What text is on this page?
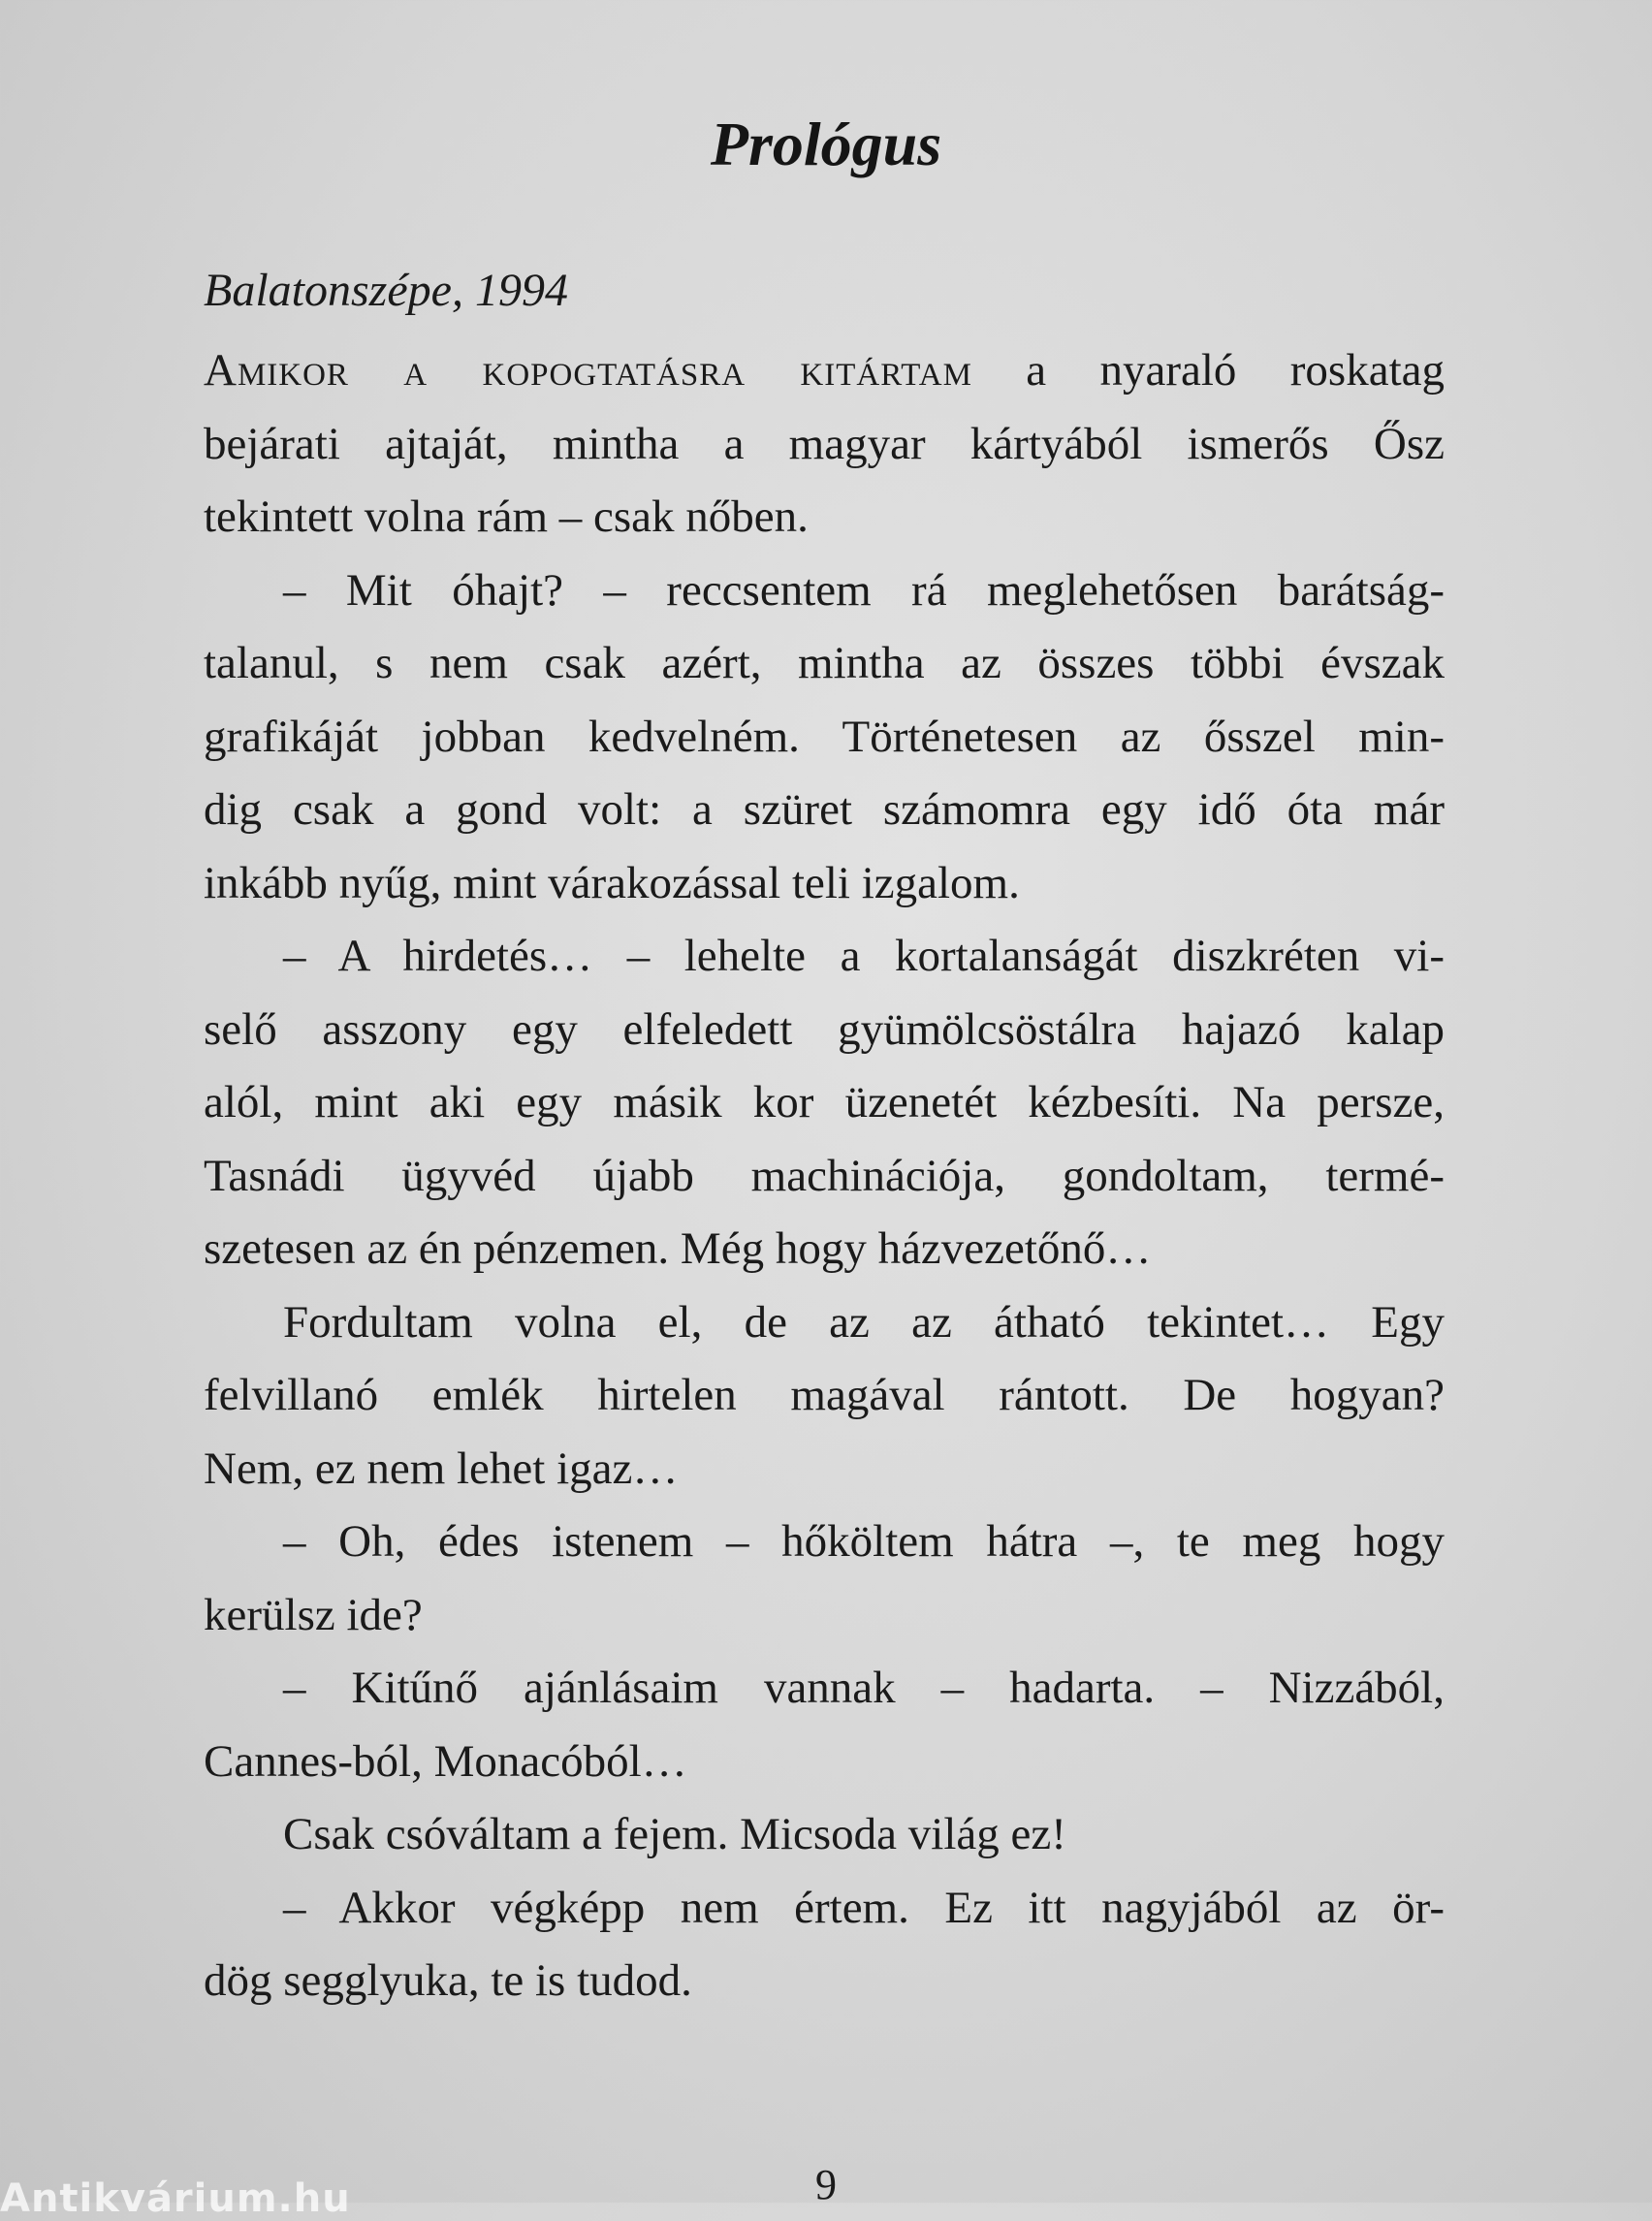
Prológus
Balatonszépe, 1994
Amikor a kopogtatásra kitártam a nyaraló roskatag
bejárati ajtaját, mintha a magyar kártyából ismerős Ősz
tekintett volna rám – csak nőben.
– Mit óhajt? – reccsentem rá meglehetősen barátság-
talanul, s nem csak azért, mintha az összes többi évszak
grafikáját jobban kedvelném. Történetesen az ősszel min-
dig csak a gond volt: a szüret számomra egy idő óta már
inkább nyűg, mint várakozással teli izgalom.
– A hirdetés… – lehelte a kortalanságát diszkréten vi-
selő asszony egy elfeledett gyümölcsöstálra hajazó kalap
alól, mint aki egy másik kor üzenetét kézbesíti. Na persze,
Tasnádi ügyvéd újabb machinációja, gondoltam, termé-
szetesen az én pénzemen. Még hogy házvezetőnő…
Fordultam volna el, de az az átható tekintet… Egy
felvillanó emlék hirtelen magával rántott. De hogyan?
Nem, ez nem lehet igaz…
– Oh, édes istenem – hőköltem hátra –, te meg hogy
kerülsz ide?
– Kitűnő ajánlásaim vannak – hadarta. – Nizzából,
Cannes-ból, Monacóból…
Csak csóváltam a fejem. Micsoda világ ez!
– Akkor végképp nem értem. Ez itt nagyjából az ör-
dög segglyuka, te is tudod.
9
Antikvárium.hu
